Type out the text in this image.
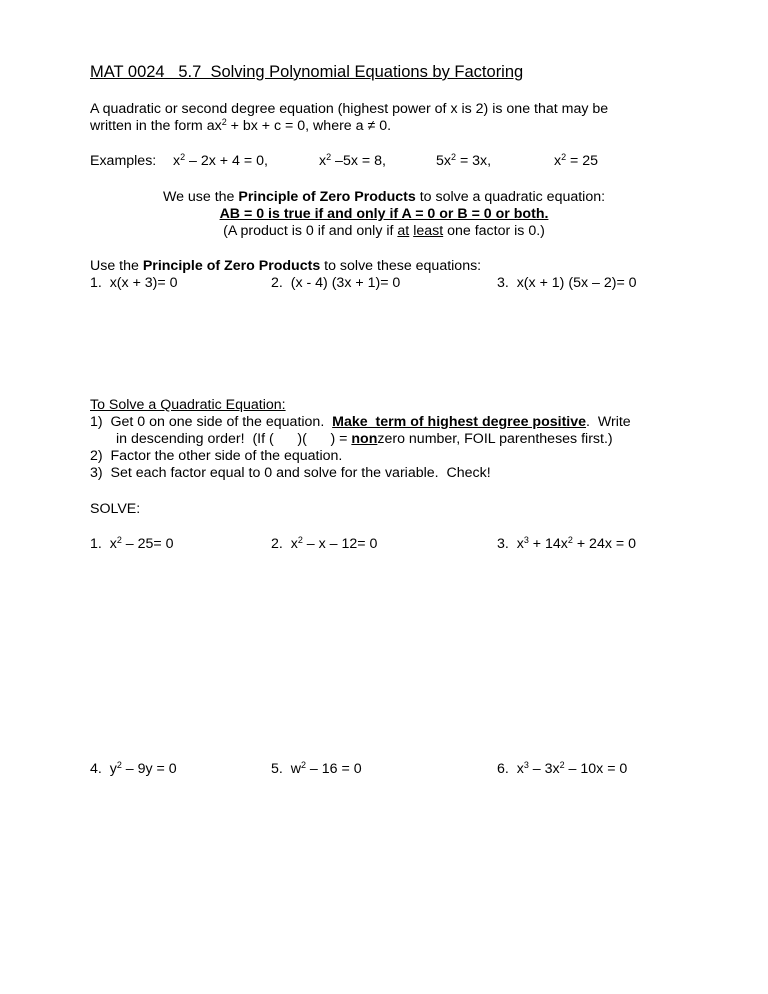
MAT 0024   5.7  Solving Polynomial Equations by Factoring
A quadratic or second degree equation (highest power of x is 2) is one that may be
written in the form $ax^2$ + bx + c = 0, where a ≠ 0.
Examples: $x^2 - 2x + 4 = 0$,	$x^2$ –5x = 8,	$5x^2 = 3x$,	$x^2 = 25$
We use the Principle of Zero Products to solve a quadratic equation:
AB = 0 is true if and only if A = 0 or B = 0 or both.
(A product is 0 if and only if at least one factor is 0.)
Use the Principle of Zero Products to solve these equations:
1.  x(x + 3)= 0	2.  (x - 4) (3x + 1)= 0	3.  x(x + 1) (5x – 2)= 0
To Solve a Quadratic Equation:
1)  Get 0 on one side of the equation.  Make  term of highest degree positive.  Write
in descending order!  (If (      )(      ) = nonzero number, FOIL parentheses first.)
2)  Factor the other side of the equation.
3)  Set each factor equal to 0 and solve for the variable.  Check!
SOLVE:
1.  $x^2 - 25= 0$	2.  $x^2 - x - 12= 0$	3.  $x^3 + 14x^2 + 24x = 0$
4.  $y^2 - 9y = 0$	5.  $w^2 - 16 = 0$	6.  $x^3 - 3x^2 - 10x = 0$
